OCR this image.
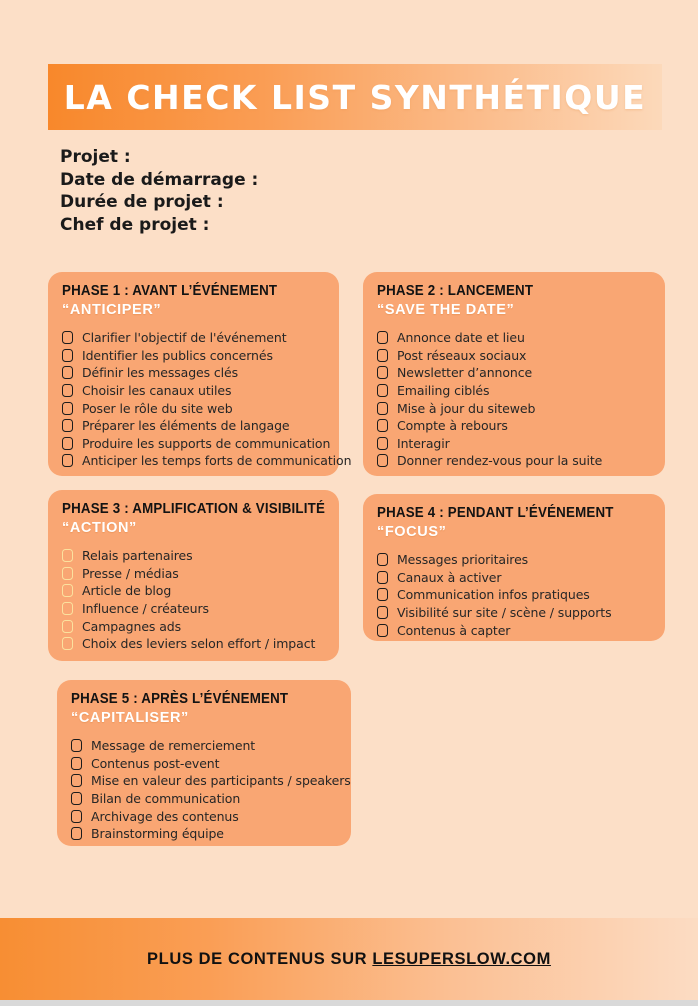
LA CHECK LIST SYNTHÉTIQUE
Projet :
Date de démarrage :
Durée de projet :
Chef de projet :
PHASE 1 : AVANT L’ÉVÉNEMENT
“ANTICIPER”
Clarifier l'objectif de l'événement
Identifier les publics concernés
Définir les messages clés
Choisir les canaux utiles
Poser le rôle du site web
Préparer les éléments de langage
Produire les supports de communication
Anticiper les temps forts de communication
PHASE 2 : LANCEMENT
“SAVE THE DATE”
Annonce date et lieu
Post réseaux sociaux
Newsletter d’annonce
Emailing ciblés
Mise à jour du siteweb
Compte à rebours
Interagir
Donner rendez-vous pour la suite
PHASE 3 : AMPLIFICATION & VISIBILITÉ
“ACTION”
Relais partenaires
Presse / médias
Article de blog
Influence / créateurs
Campagnes ads
Choix des leviers selon effort / impact
PHASE 4 : PENDANT L’ÉVÉNEMENT
“FOCUS”
Messages prioritaires
Canaux à activer
Communication infos pratiques
Visibilité sur site / scène / supports
Contenus à capter
PHASE 5 : APRÈS L’ÉVÉNEMENT
“CAPITALISER”
Message de remerciement
Contenus post-event
Mise en valeur des participants / speakers
Bilan de communication
Archivage des contenus
Brainstorming équipe
PLUS DE CONTENUS SUR LESUPERSLOW.COM
